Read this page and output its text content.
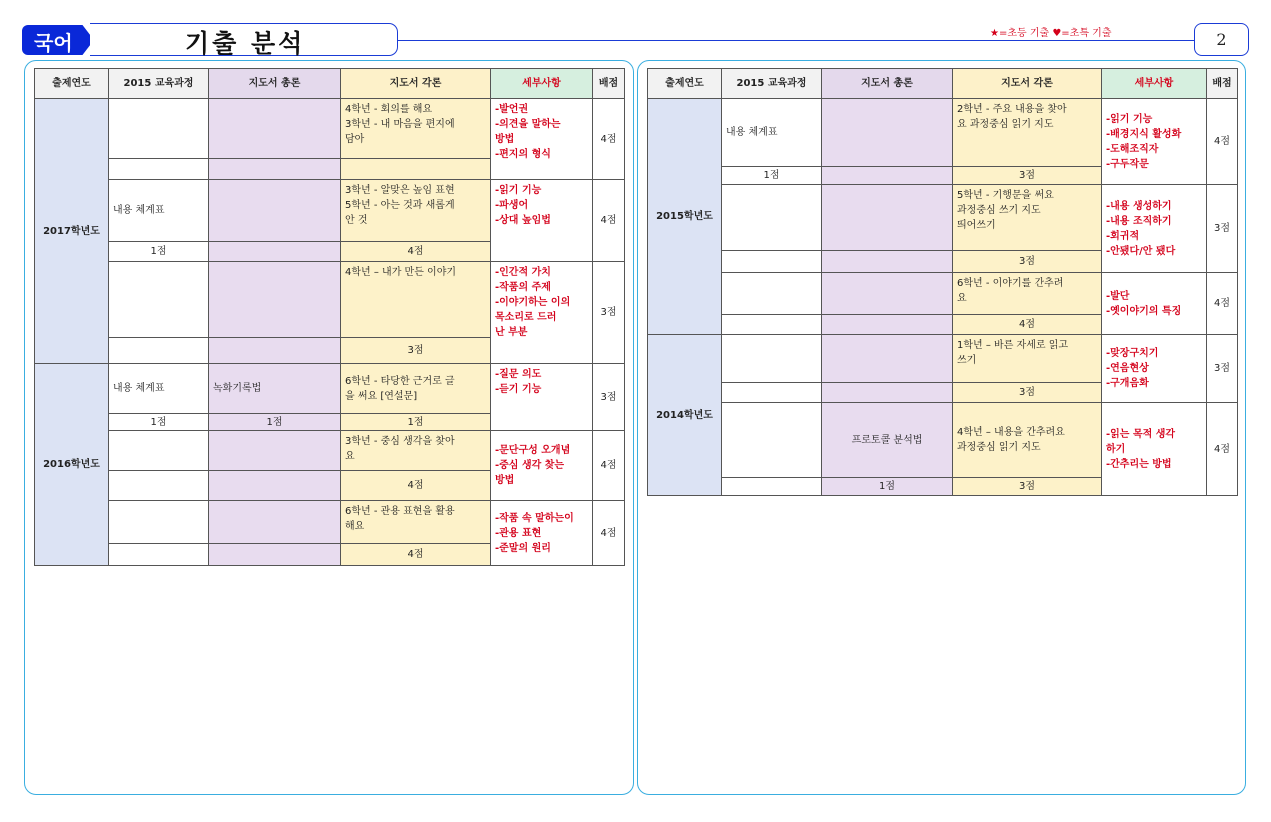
국어	기출 분석	★=초등 기출 ♥=초특 기출	2
출제연도	2015 교육과정	지도서 총론	지도서 각론	세부사항	배점
2017학년도			4학년 - 회의를 해요
3학년 - 내 마음을 편지에
담아	-발언권
-의견을 말하는
방법
-편지의 형식	4점

	내용 체계표		3학년 - 알맞은 높임 표현
5학년 - 아는 것과 새롭게
안 것	-읽기 기능
-파생어
-상대 높임법	4점
	1점		4점		

			4학년 – 내가 만든 이야기	-인간적 가치
-작품의 주제
-이야기하는 이의
목소리로 드러
난 부분	3점
			3점		
2016학년도	내용 체계표	녹화기록법	6학년 - 타당한 근거로 글
을 써요 [연설문]	-질문 의도
-듣기 기능	3점
	1점	1점	1점		

			3학년 - 중심 생각을 찾아
요	-문단구성 오개념
-중심 생각 찾는
방법	4점
			4점		

			6학년 - 관용 표현을 활용
해요	-작품 속 말하는이
-관용 표현
-준말의 원리	4점
			4점		
출제연도	2015 교육과정	지도서 총론	지도서 각론	세부사항	배점
2015학년도	내용 체계표		2학년 - 주요 내용을 찾아
요 과정중심 읽기 지도	-읽기 기능
-배경지식 활성화
-도해조직자
-구두작문	4점
	1점		3점		

			5학년 - 기행문을 써요
과정중심 쓰기 지도
띄어쓰기	-내용 생성하기
-내용 조직하기
-회귀적
-안됐다/안 됐다	3점
			3점		

			6학년 - 이야기를 간추려
요	-발단
-옛이야기의 특징	4점
			4점		
2014학년도			1학년 – 바른 자세로 읽고
쓰기	-맞장구치기
-연음현상
-구개음화	3점
			3점		
		프로토콜 분석법	4학년 – 내용을 간추려요
과정중심 읽기 지도	-읽는 목적 생각
하기
-간추리는 방법	4점
		1점	3점		
